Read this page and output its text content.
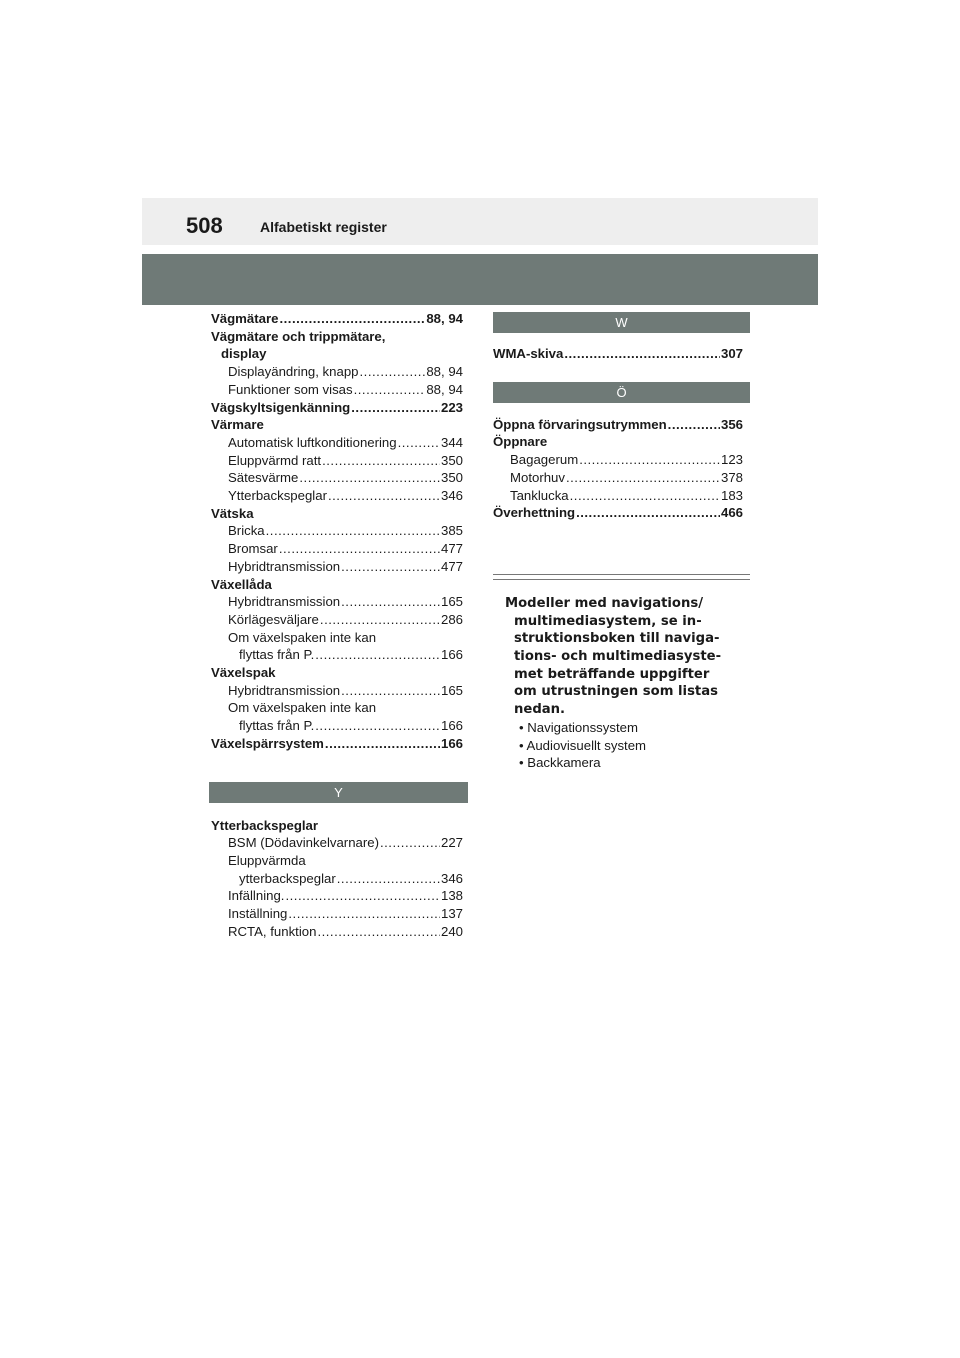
508	Alfabetiskt register
Vägmätare .....	88, 94
Vägmätare och trippmätare,
display
Displayändring, knapp .....	88, 94
Funktioner som visas .....	88, 94
Vägskyltsigenkänning .....	223
Värmare
Automatisk luftkonditionering .....	344
Eluppvärmd ratt .....	350
Sätesvärme .....	350
Ytterbackspeglar .....	346
Vätska
Bricka .....	385
Bromsar .....	477
Hybridtransmission .....	477
Växellåda
Hybridtransmission .....	165
Körlägesväljare .....	286
Om växelspaken inte kan
flyttas från P. .....	166
Växelspak
Hybridtransmission .....	165
Om växelspaken inte kan
flyttas från P. .....	166
Växelspärrsystem .....	166
Y
Ytterbackspeglar
BSM (Dödavinkelvarnare) .....	227
Eluppvärmda
ytterbackspeglar .....	346
Infällning. .....	138
Inställning .....	137
RCTA, funktion .....	240
W
WMA-skiva .....	307
Ö
Öppna förvaringsutrymmen .....	356
Öppnare
Bagagerum .....	123
Motorhuv .....	378
Tanklucka .....	183
Överhettning .....	466
Modeller med navigations/
multimediasystem, se in-
struktionsboken till naviga-
tions- och multimediasyste-
met beträffande uppgifter
om utrustningen som listas
nedan.
• Navigationssystem
• Audiovisuellt system
• Backkamera
